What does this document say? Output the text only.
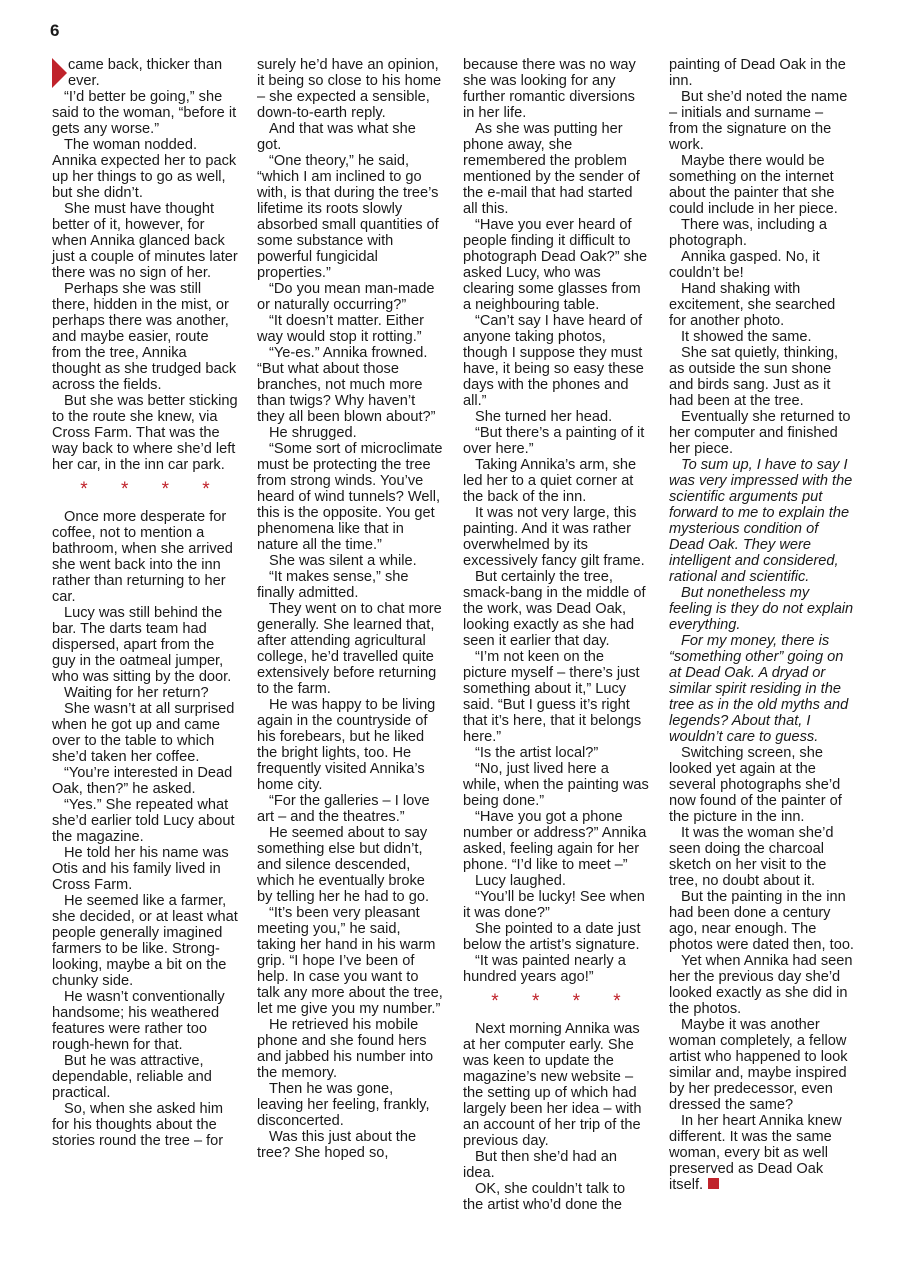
6

came back, thicker than ever.

“I’d better be going,” she said to the woman, “before it gets any worse.”

The woman nodded. Annika expected her to pack up her things to go as well, but she didn’t.

She must have thought better of it, however, for when Annika glanced back just a couple of minutes later there was no sign of her.

Perhaps she was still there, hidden in the mist, or perhaps there was another, and maybe easier, route from the tree, Annika thought as she trudged back across the fields.

But she was better sticking to the route she knew, via Cross Farm. That was the way back to where she’d left her car, in the inn car park.

* * * *

Once more desperate for coffee, not to mention a bathroom, when she arrived she went back into the inn rather than returning to her car.

Lucy was still behind the bar. The darts team had dispersed, apart from the guy in the oatmeal jumper, who was sitting by the door.

Waiting for her return?

She wasn’t at all surprised when he got up and came over to the table to which she’d taken her coffee.

“You’re interested in Dead Oak, then?” he asked.

“Yes.” She repeated what she’d earlier told Lucy about the magazine.

He told her his name was Otis and his family lived in Cross Farm.

He seemed like a farmer, she decided, or at least what people generally imagined farmers to be like. Strong-looking, maybe a bit on the chunky side.

He wasn’t conventionally handsome; his weathered features were rather too rough-hewn for that.

But he was attractive, dependable, reliable and practical.

So, when she asked him for his thoughts about the stories round the tree – for

surely he’d have an opinion, it being so close to his home – she expected a sensible, down-to-earth reply.

And that was what she got.

“One theory,” he said, “which I am inclined to go with, is that during the tree’s lifetime its roots slowly absorbed small quantities of some substance with powerful fungicidal properties.”

“Do you mean man-made or naturally occurring?”

“It doesn’t matter. Either way would stop it rotting.”

“Ye-es.” Annika frowned. “But what about those branches, not much more than twigs? Why haven’t they all been blown about?”

He shrugged.

“Some sort of microclimate must be protecting the tree from strong winds. You’ve heard of wind tunnels? Well, this is the opposite. You get phenomena like that in nature all the time.”

She was silent a while.

“It makes sense,” she finally admitted.

They went on to chat more generally. She learned that, after attending agricultural college, he’d travelled quite extensively before returning to the farm.

He was happy to be living again in the countryside of his forebears, but he liked the bright lights, too. He frequently visited Annika’s home city.

“For the galleries – I love art – and the theatres.”

He seemed about to say something else but didn’t, and silence descended, which he eventually broke by telling her he had to go.

“It’s been very pleasant meeting you,” he said, taking her hand in his warm grip. “I hope I’ve been of help. In case you want to talk any more about the tree, let me give you my number.”

He retrieved his mobile phone and she found hers and jabbed his number into the memory.

Then he was gone, leaving her feeling, frankly, disconcerted.

Was this just about the tree? She hoped so,

because there was no way she was looking for any further romantic diversions in her life.

As she was putting her phone away, she remembered the problem mentioned by the sender of the e-mail that had started all this.

“Have you ever heard of people finding it difficult to photograph Dead Oak?” she asked Lucy, who was clearing some glasses from a neighbouring table.

“Can’t say I have heard of anyone taking photos, though I suppose they must have, it being so easy these days with the phones and all.”

She turned her head.

“But there’s a painting of it over here.”

Taking Annika’s arm, she led her to a quiet corner at the back of the inn.

It was not very large, this painting. And it was rather overwhelmed by its excessively fancy gilt frame.

But certainly the tree, smack-bang in the middle of the work, was Dead Oak, looking exactly as she had seen it earlier that day.

“I’m not keen on the picture myself – there’s just something about it,” Lucy said. “But I guess it’s right that it’s here, that it belongs here.”

“Is the artist local?”

“No, just lived here a while, when the painting was being done.”

“Have you got a phone number or address?” Annika asked, feeling again for her phone. “I’d like to meet –”

Lucy laughed.

“You’ll be lucky! See when it was done?”

She pointed to a date just below the artist’s signature.

“It was painted nearly a hundred years ago!”

* * * *

Next morning Annika was at her computer early. She was keen to update the magazine’s new website – the setting up of which had largely been her idea – with an account of her trip of the previous day.

But then she’d had an idea.

OK, she couldn’t talk to the artist who’d done the

painting of Dead Oak in the inn.

But she’d noted the name – initials and surname – from the signature on the work.

Maybe there would be something on the internet about the painter that she could include in her piece.

There was, including a photograph.

Annika gasped. No, it couldn’t be!

Hand shaking with excitement, she searched for another photo.

It showed the same.

She sat quietly, thinking, as outside the sun shone and birds sang. Just as it had been at the tree.

Eventually she returned to her computer and finished her piece.

To sum up, I have to say I was very impressed with the scientific arguments put forward to me to explain the mysterious condition of Dead Oak. They were intelligent and considered, rational and scientific.

But nonetheless my feeling is they do not explain everything.

For my money, there is “something other” going on at Dead Oak. A dryad or similar spirit residing in the tree as in the old myths and legends? About that, I wouldn’t care to guess.

Switching screen, she looked yet again at the several photographs she’d now found of the painter of the picture in the inn.

It was the woman she’d seen doing the charcoal sketch on her visit to the tree, no doubt about it.

But the painting in the inn had been done a century ago, near enough. The photos were dated then, too.

Yet when Annika had seen her the previous day she’d looked exactly as she did in the photos.

Maybe it was another woman completely, a fellow artist who happened to look similar and, maybe inspired by her predecessor, even dressed the same?

In her heart Annika knew different. It was the same woman, every bit as well preserved as Dead Oak itself.
